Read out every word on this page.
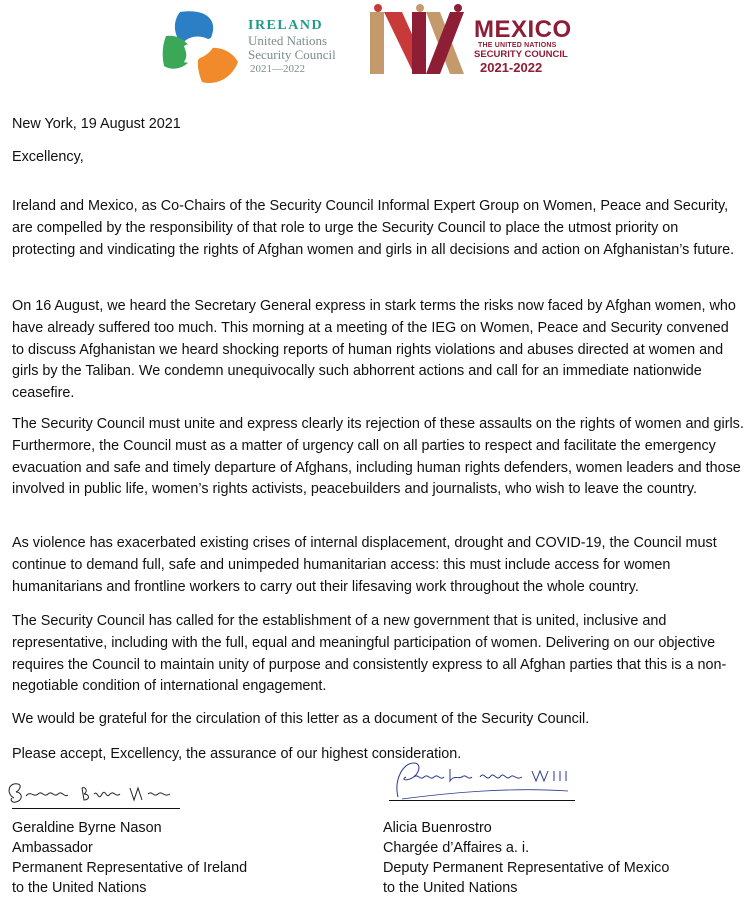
IRELAND
United Nations
Security Council
2021—2022
MEXICO
THE UNITED NATIONS
SECURITY COUNCIL
2021-2022
New York, 19 August 2021
Excellency,

Ireland and Mexico, as Co-Chairs of the Security Council Informal Expert Group on Women, Peace and Security, are compelled by the responsibility of that role to urge the Security Council to place the utmost priority on protecting and vindicating the rights of Afghan women and girls in all decisions and action on Afghanistan’s future.

On 16 August, we heard the Secretary General express in stark terms the risks now faced by Afghan women, who have already suffered too much. This morning at a meeting of the IEG on Women, Peace and Security convened to discuss Afghanistan we heard shocking reports of human rights violations and abuses directed at women and girls by the Taliban. We condemn unequivocally such abhorrent actions and call for an immediate nationwide ceasefire.

The Security Council must unite and express clearly its rejection of these assaults on the rights of women and girls. Furthermore, the Council must as a matter of urgency call on all parties to respect and facilitate the emergency evacuation and safe and timely departure of Afghans, including human rights defenders, women leaders and those involved in public life, women’s rights activists, peacebuilders and journalists, who wish to leave the country.

As violence has exacerbated existing crises of internal displacement, drought and COVID-19, the Council must continue to demand full, safe and unimpeded humanitarian access: this must include access for women humanitarians and frontline workers to carry out their lifesaving work throughout the whole country.

The Security Council has called for the establishment of a new government that is united, inclusive and representative, including with the full, equal and meaningful participation of women. Delivering on our objective requires the Council to maintain unity of purpose and consistently express to all Afghan parties that this is a non-negotiable condition of international engagement.

We would be grateful for the circulation of this letter as a document of the Security Council.

Please accept, Excellency, the assurance of our highest consideration.

Geraldine Byrne Nason
Ambassador
Permanent Representative of Ireland
to the United Nations
Alicia Buenrostro
Chargée d’Affaires a. i.
Deputy Permanent Representative of Mexico
to the United Nations
